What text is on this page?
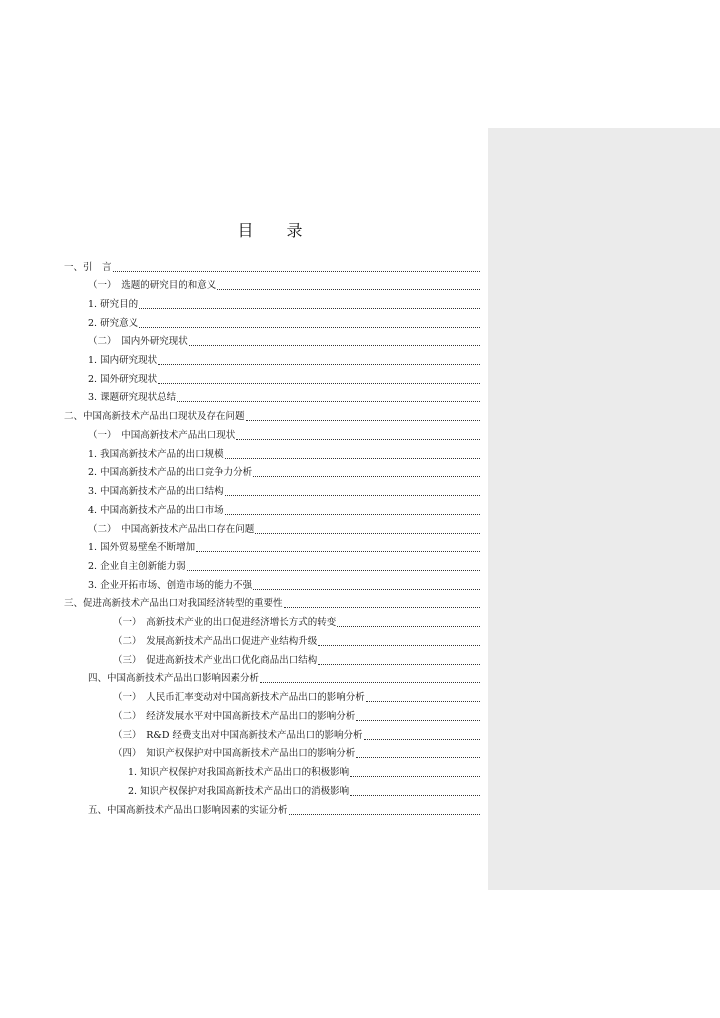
目 录
一、引　言
（一）　选题的研究目的和意义
1. 研究目的
2. 研究意义
（二）　国内外研究现状
1. 国内研究现状
2. 国外研究现状
3. 课题研究现状总结
二、中国高新技术产品出口现状及存在问题
（一）　中国高新技术产品出口现状
1. 我国高新技术产品的出口规模
2. 中国高新技术产品的出口竞争力分析
3. 中国高新技术产品的出口结构
4. 中国高新技术产品的出口市场
（二）　中国高新技术产品出口存在问题
1. 国外贸易壁垒不断增加
2. 企业自主创新能力弱
3. 企业开拓市场、创造市场的能力不强
三、促进高新技术产品出口对我国经济转型的重要性
（一）　高新技术产业的出口促进经济增长方式的转变
（二）　发展高新技术产品出口促进产业结构升级
（三）　促进高新技术产业出口优化商品出口结构
四、中国高新技术产品出口影响因素分析
（一）　人民币汇率变动对中国高新技术产品出口的影响分析
（二）　经济发展水平对中国高新技术产品出口的影响分析
（三）　R&D 经费支出对中国高新技术产品出口的影响分析
（四）　知识产权保护对中国高新技术产品出口的影响分析
1. 知识产权保护对我国高新技术产品出口的积极影响
2. 知识产权保护对我国高新技术产品出口的消极影响
五、中国高新技术产品出口影响因素的实证分析
